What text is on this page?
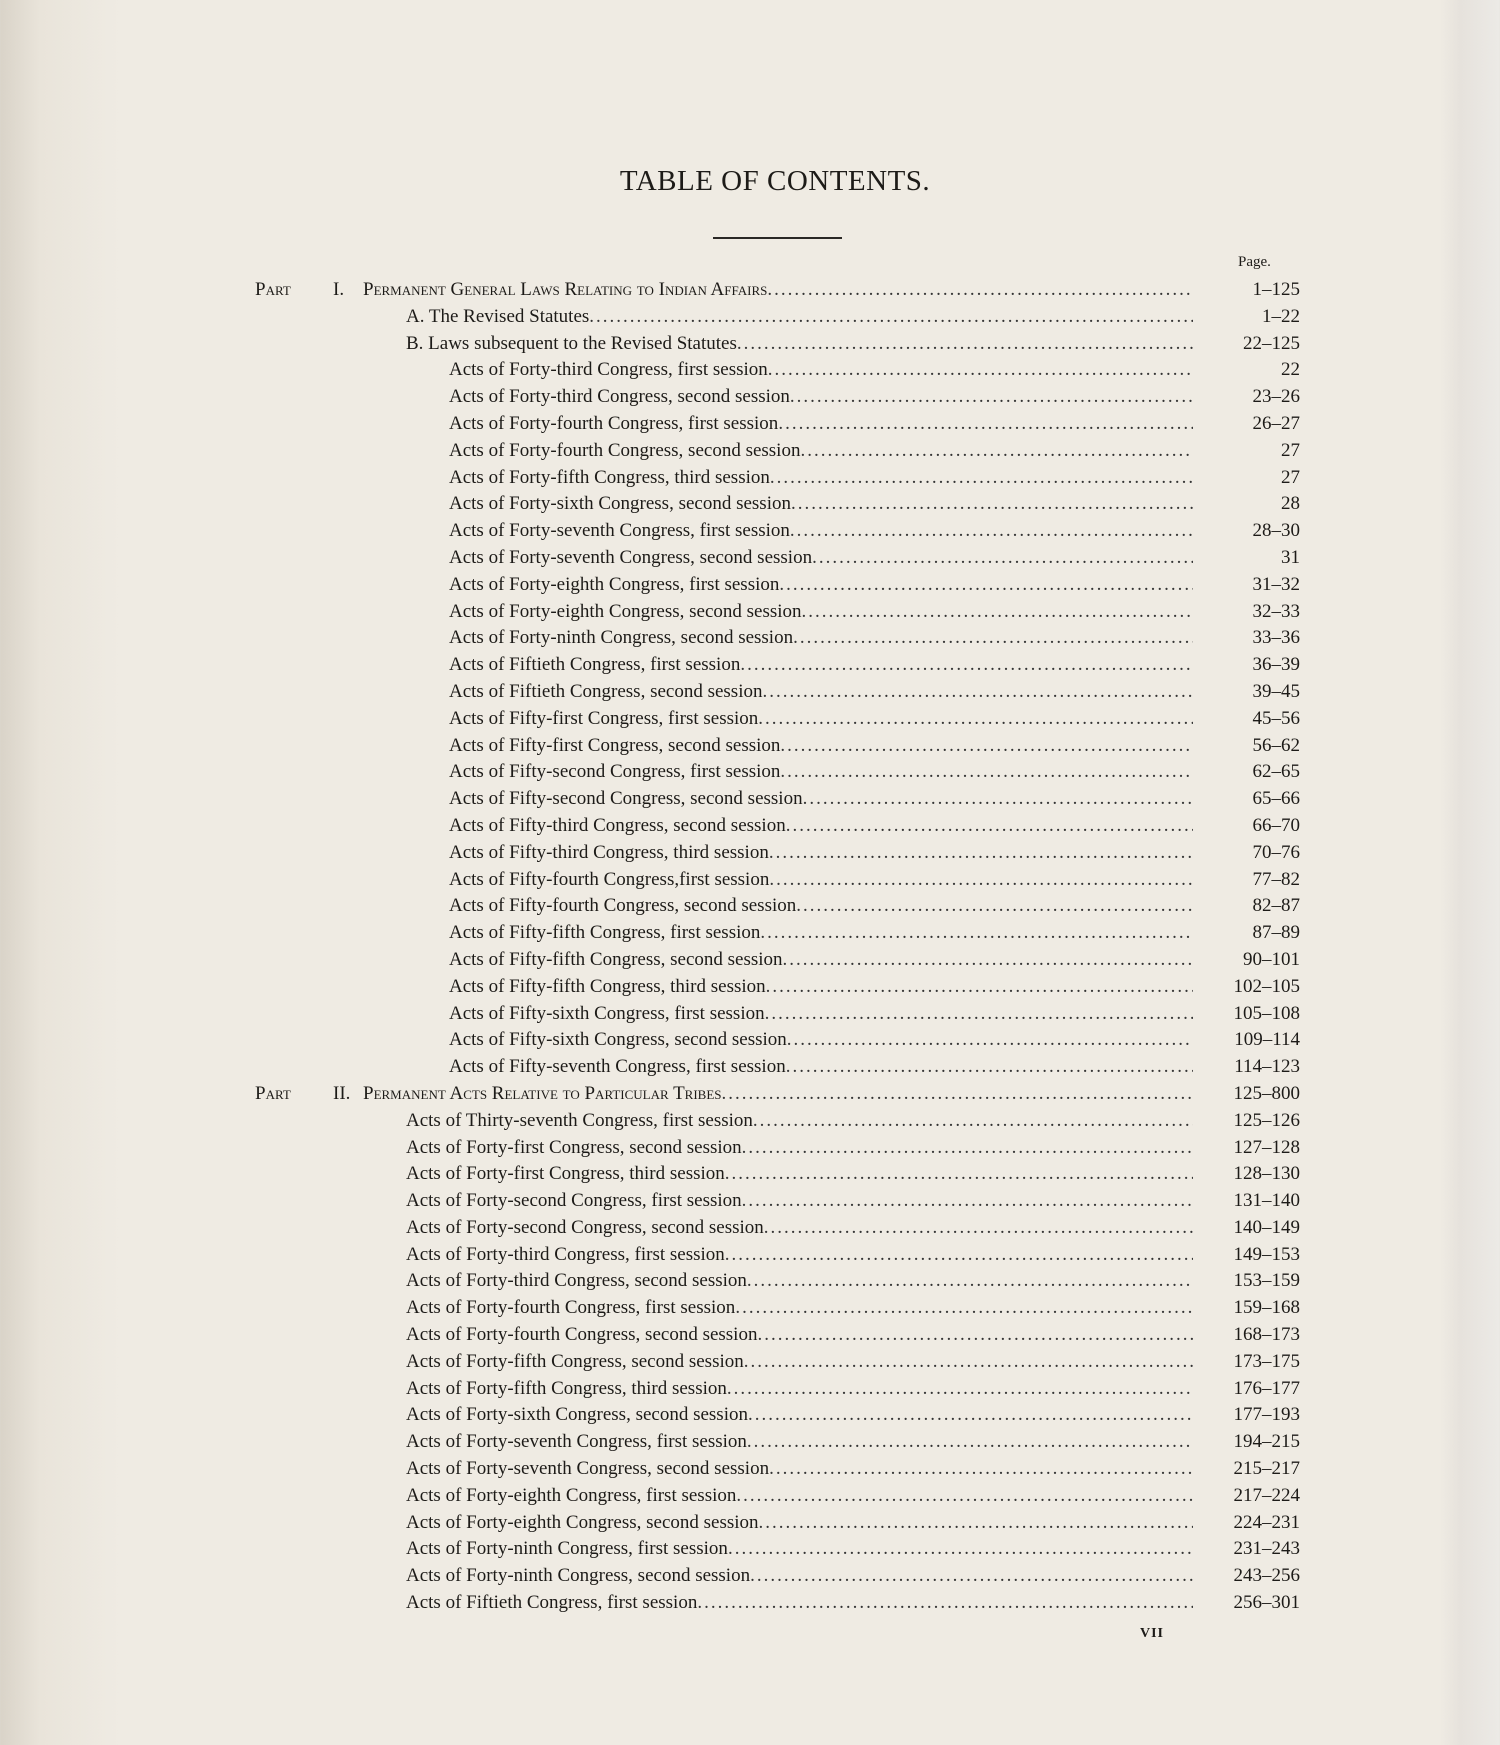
TABLE OF CONTENTS.
Page.
Part I. Permanent General Laws Relating to Indian Affairs .....	1–125
A. The Revised Statutes .....	1–22
B. Laws subsequent to the Revised Statutes .....	22–125
Acts of Forty-third Congress, first session .....	22
Acts of Forty-third Congress, second session .....	23–26
Acts of Forty-fourth Congress, first session .....	26–27
Acts of Forty-fourth Congress, second session .....	27
Acts of Forty-fifth Congress, third session .....	27
Acts of Forty-sixth Congress, second session .....	28
Acts of Forty-seventh Congress, first session .....	28–30
Acts of Forty-seventh Congress, second session .....	31
Acts of Forty-eighth Congress, first session .....	31–32
Acts of Forty-eighth Congress, second session .....	32–33
Acts of Forty-ninth Congress, second session .....	33–36
Acts of Fiftieth Congress, first session .....	36–39
Acts of Fiftieth Congress, second session .....	39–45
Acts of Fifty-first Congress, first session .....	45–56
Acts of Fifty-first Congress, second session .....	56–62
Acts of Fifty-second Congress, first session .....	62–65
Acts of Fifty-second Congress, second session .....	65–66
Acts of Fifty-third Congress, second session .....	66–70
Acts of Fifty-third Congress, third session .....	70–76
Acts of Fifty-fourth Congress,first session .....	77–82
Acts of Fifty-fourth Congress, second session .....	82–87
Acts of Fifty-fifth Congress, first session .....	87–89
Acts of Fifty-fifth Congress, second session .....	90–101
Acts of Fifty-fifth Congress, third session .....	102–105
Acts of Fifty-sixth Congress, first session .....	105–108
Acts of Fifty-sixth Congress, second session .....	109–114
Acts of Fifty-seventh Congress, first session .....	114–123
Part II. Permanent Acts Relative to Particular Tribes .....	125–800
Acts of Thirty-seventh Congress, first session .....	125–126
Acts of Forty-first Congress, second session .....	127–128
Acts of Forty-first Congress, third session .....	128–130
Acts of Forty-second Congress, first session .....	131–140
Acts of Forty-second Congress, second session .....	140–149
Acts of Forty-third Congress, first session .....	149–153
Acts of Forty-third Congress, second session .....	153–159
Acts of Forty-fourth Congress, first session .....	159–168
Acts of Forty-fourth Congress, second session .....	168–173
Acts of Forty-fifth Congress, second session .....	173–175
Acts of Forty-fifth Congress, third session .....	176–177
Acts of Forty-sixth Congress, second session .....	177–193
Acts of Forty-seventh Congress, first session .....	194–215
Acts of Forty-seventh Congress, second session .....	215–217
Acts of Forty-eighth Congress, first session .....	217–224
Acts of Forty-eighth Congress, second session .....	224–231
Acts of Forty-ninth Congress, first session .....	231–243
Acts of Forty-ninth Congress, second session .....	243–256
Acts of Fiftieth Congress, first session .....	256–301
VII
